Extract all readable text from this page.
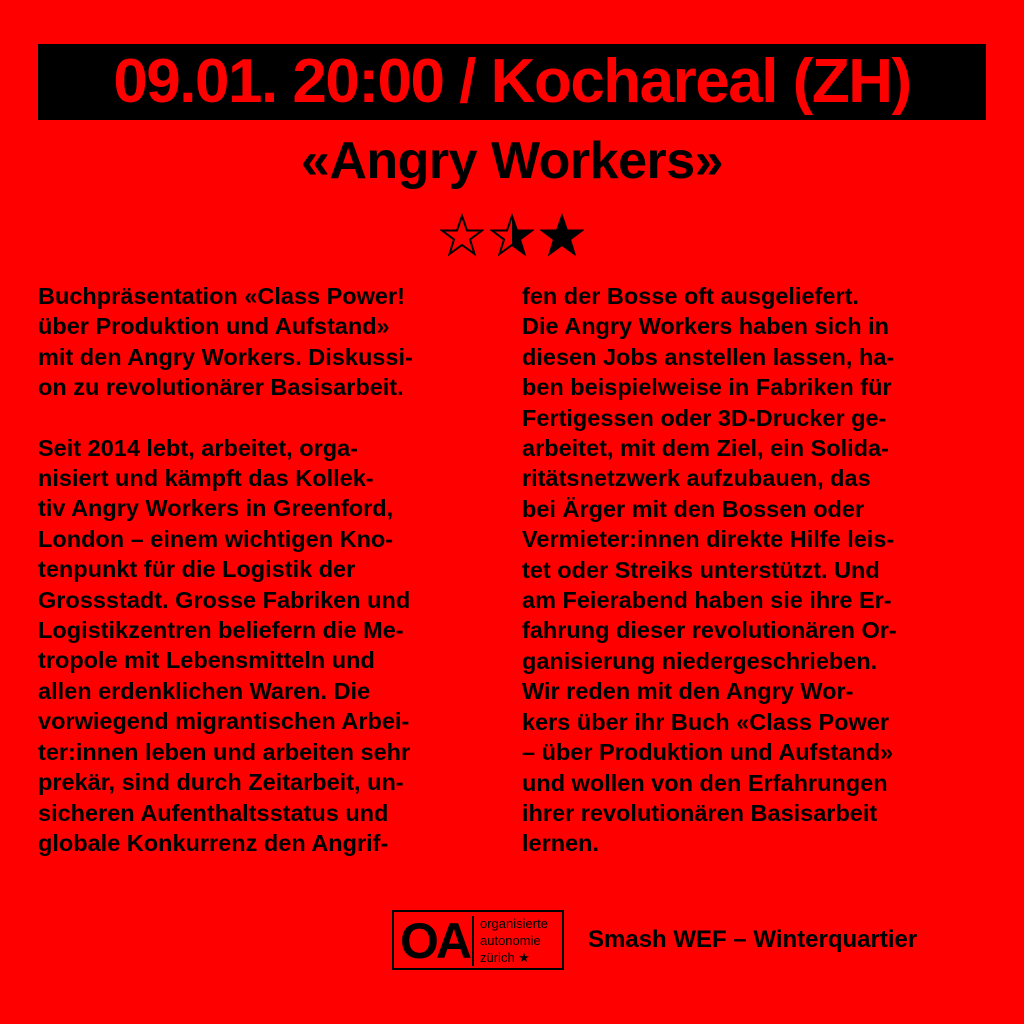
09.01. 20:00 / Kochareal (ZH)
«Angry Workers»

Buchpräsentation «Class Power!

über Produktion und Aufstand»

mit den Angry Workers. Diskussi-

on zu revolutionärer Basisarbeit.

Seit 2014 lebt, arbeitet, orga-

nisiert und kämpft das Kollek-

tiv Angry Workers in Greenford,

London – einem wichtigen Kno-

tenpunkt für die Logistik der

Grossstadt. Grosse Fabriken und

Logistikzentren beliefern die Me-

tropole mit Lebensmitteln und

allen erdenklichen Waren. Die

vorwiegend migrantischen Arbei-

ter:innen leben und arbeiten sehr

prekär, sind durch Zeitarbeit, un-

sicheren Aufenthaltsstatus und

globale Konkurrenz den Angrif-

fen der Bosse oft ausgeliefert.

Die Angry Workers haben sich in

diesen Jobs anstellen lassen, ha-

ben beispielweise in Fabriken für

Fertigessen oder 3D-Drucker ge-

arbeitet, mit dem Ziel, ein Solida-

ritätsnetzwerk aufzubauen, das

bei Ärger mit den Bossen oder

Vermieter:innen direkte Hilfe leis-

tet oder Streiks unterstützt. Und

am Feierabend haben sie ihre Er-

fahrung dieser revolutionären Or-

ganisierung niedergeschrieben.

Wir reden mit den Angry Wor-

kers über ihr Buch «Class Power

– über Produktion und Aufstand»

und wollen von den Erfahrungen

ihrer revolutionären Basisarbeit

lernen.

OA organisierte
autonomie
zürich ★
Smash WEF – Winterquartier
